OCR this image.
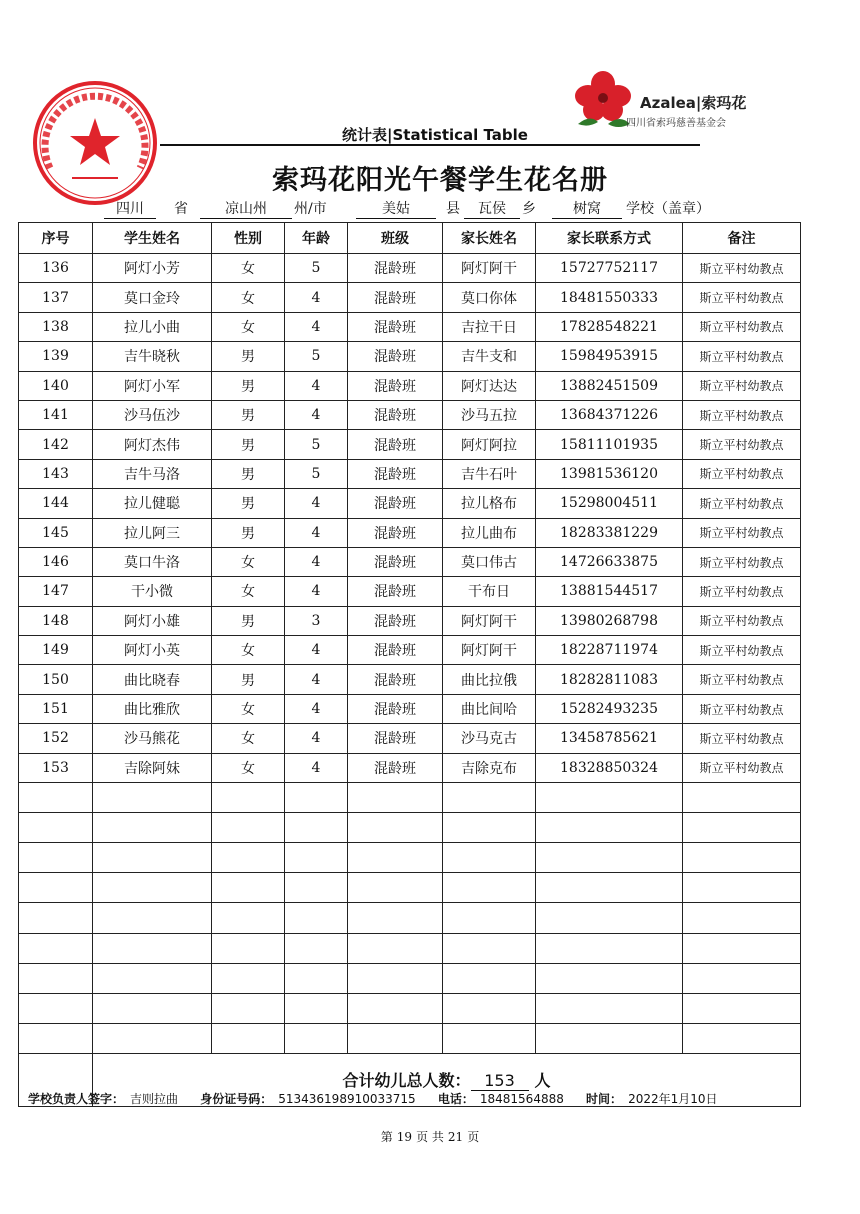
Azalea|索玛花
四川省索玛慈善基金会
统计表|Statistical Table
索玛花阳光午餐学生花名册
四川	省	凉山州	州/市	美姑	县	瓦侯	乡	树窝	学校（盖章）
序号	学生姓名	性别	年龄	班级	家长姓名	家长联系方式	备注
136	阿灯小芳	女	5	混龄班	阿灯阿干	15727752117	斯立平村幼教点
137	莫口金玲	女	4	混龄班	莫口你体	18481550333	斯立平村幼教点
138	拉儿小曲	女	4	混龄班	吉拉干日	17828548221	斯立平村幼教点
139	吉牛晓秋	男	5	混龄班	吉牛支和	15984953915	斯立平村幼教点
140	阿灯小军	男	4	混龄班	阿灯达达	13882451509	斯立平村幼教点
141	沙马伍沙	男	4	混龄班	沙马五拉	13684371226	斯立平村幼教点
142	阿灯杰伟	男	5	混龄班	阿灯阿拉	15811101935	斯立平村幼教点
143	吉牛马洛	男	5	混龄班	吉牛石叶	13981536120	斯立平村幼教点
144	拉儿健聪	男	4	混龄班	拉儿格布	15298004511	斯立平村幼教点
145	拉儿阿三	男	4	混龄班	拉儿曲布	18283381229	斯立平村幼教点
146	莫口牛洛	女	4	混龄班	莫口伟古	14726633875	斯立平村幼教点
147	干小微	女	4	混龄班	干布日	13881544517	斯立平村幼教点
148	阿灯小雄	男	3	混龄班	阿灯阿干	13980268798	斯立平村幼教点
149	阿灯小英	女	4	混龄班	阿灯阿干	18228711974	斯立平村幼教点
150	曲比晓春	男	4	混龄班	曲比拉俄	18282811083	斯立平村幼教点
151	曲比雅欣	女	4	混龄班	曲比间哈	15282493235	斯立平村幼教点
152	沙马熊花	女	4	混龄班	沙马克古	13458785621	斯立平村幼教点
153	吉除阿妹	女	4	混龄班	吉除克布	18328850324	斯立平村幼教点

	合计幼儿总人数： 153 人						
学校负责人签字： 吉则拉曲 身份证号码： 513436198910033715 电话： 18481564888 时间： 2022年1月10日
第 19 页 共 21 页
